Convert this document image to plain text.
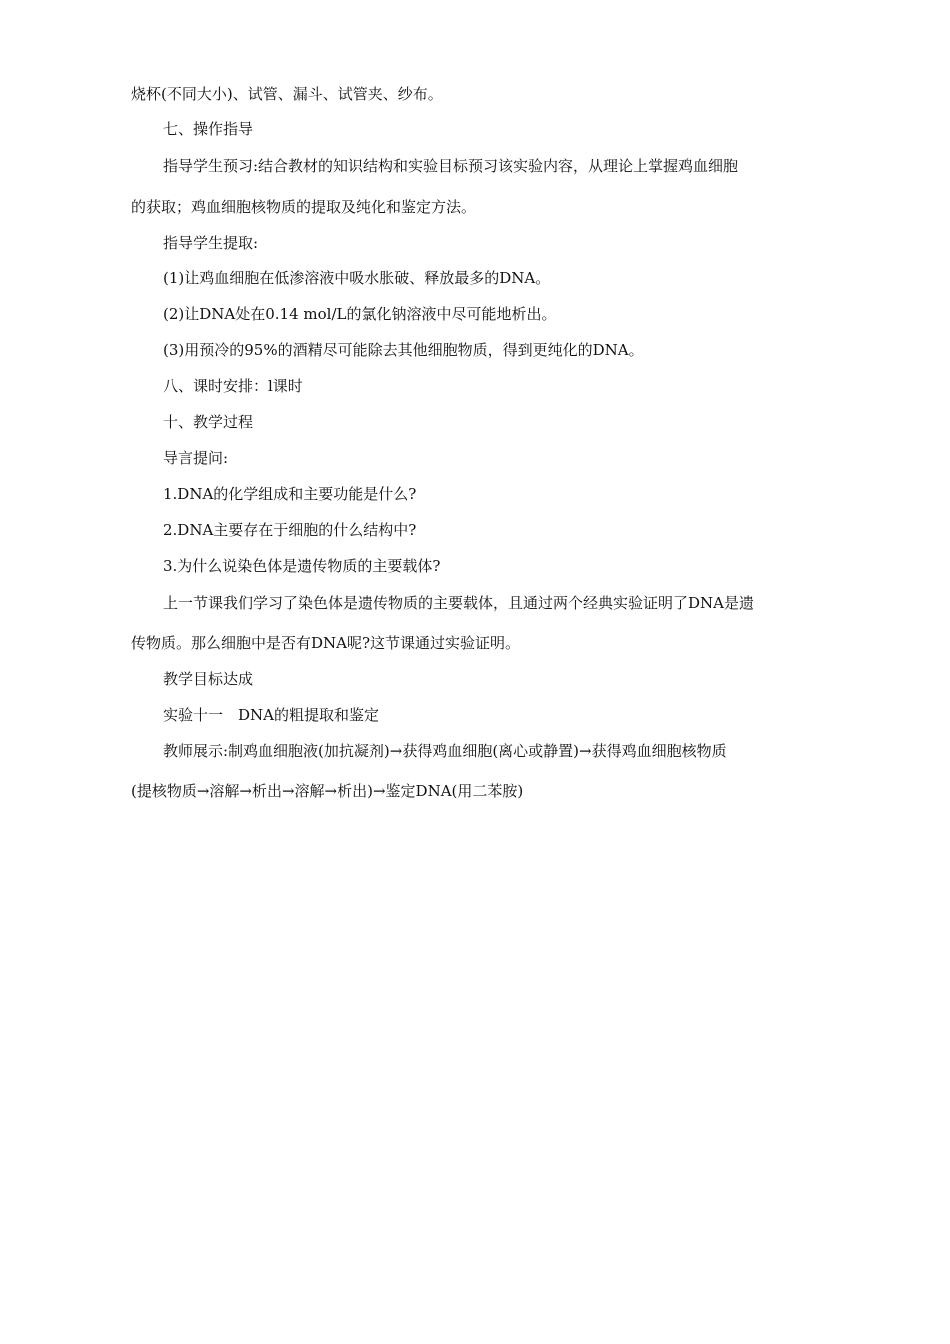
烧杯(不同大小)、试管、漏斗、试管夹、纱布。
七、操作指导
指导学生预习:结合教材的知识结构和实验目标预习该实验内容，从理论上掌握鸡血细胞
的获取；鸡血细胞核物质的提取及纯化和鉴定方法。
指导学生提取:
(1)让鸡血细胞在低渗溶液中吸水胀破、释放最多的DNA。
(2)让DNA处在0.14 mol/L的氯化钠溶液中尽可能地析出。
(3)用预冷的95%的酒精尽可能除去其他细胞物质，得到更纯化的DNA。
八、课时安排：l课时
十、教学过程
导言提问:
1.DNA的化学组成和主要功能是什么?
2.DNA主要存在于细胞的什么结构中?
3.为什么说染色体是遗传物质的主要载体?
上一节课我们学习了染色体是遗传物质的主要载体，且通过两个经典实验证明了DNA是遗
传物质。那么细胞中是否有DNA呢?这节课通过实验证明。
教学目标达成
实验十一　DNA的粗提取和鉴定
教师展示:制鸡血细胞液(加抗凝剂)→获得鸡血细胞(离心或静置)→获得鸡血细胞核物质
(提核物质→溶解→析出→溶解→析出)→鉴定DNA(用二苯胺)
